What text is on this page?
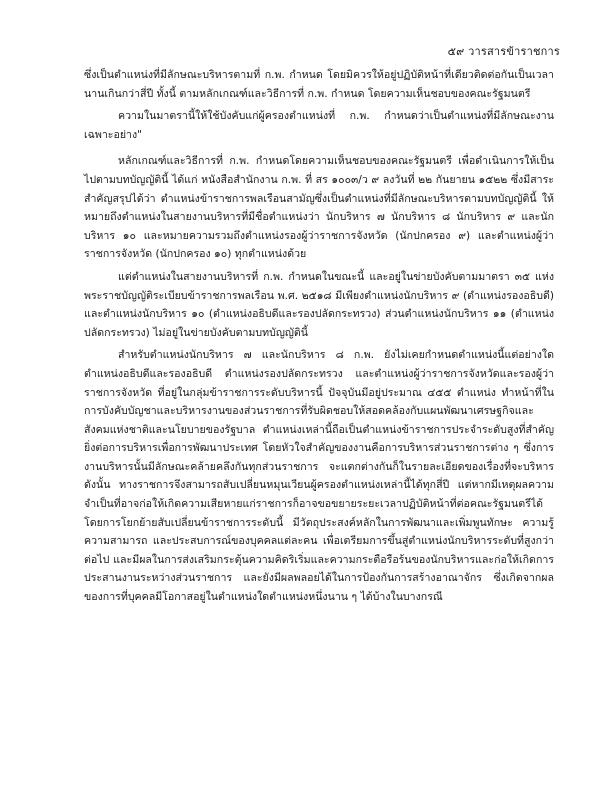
๕๙ วารสารข้าราชการ

ซึ่งเป็นตำแหน่งที่มีลักษณะบริหารตามที่ ก.พ. กำหนด โดยมิควรให้อยู่ปฏิบัติหน้าที่เดียวติดต่อกันเป็นเวลานานเกินกว่าสี่ปี ทั้งนี้ ตามหลักเกณฑ์และวิธีการที่ ก.พ. กำหนด โดยความเห็นชอบของคณะรัฐมนตรี

ความในมาตรานี้ให้ใช้บังคับแก่ผู้ครองตำแหน่งที่ ก.พ. กำหนดว่าเป็นตำแหน่งที่มีลักษณะงานเฉพาะอย่าง"

หลักเกณฑ์และวิธีการที่ ก.พ. กำหนดโดยความเห็นชอบของคณะรัฐมนตรี เพื่อดำเนินการให้เป็นไปตามบทบัญญัตินี้ ได้แก่ หนังสือสำนักงาน ก.พ. ที่ สร ๑๐๐๓/ว ๙ ลงวันที่ ๒๒ กันยายน ๑๕๒๒ ซึ่งมีสาระสำคัญสรุปได้ว่า ตำแหน่งข้าราชการพลเรือนสามัญซึ่งเป็นตำแหน่งที่มีลักษณะบริหารตามบทบัญญัตินี้ ให้หมายถึงตำแหน่งในสายงานบริหารที่มีชื่อตำแหน่งว่า นักบริหาร ๗ นักบริหาร ๘ นักบริหาร ๙ และนักบริหาร ๑๐ และหมายความรวมถึงตำแหน่งรองผู้ว่าราชการจังหวัด (นักปกครอง ๙) และตำแหน่งผู้ว่าราชการจังหวัด (นักปกครอง ๑๐) ทุกตำแหน่งด้วย

แต่ตำแหน่งในสายงานบริหารที่ ก.พ. กำหนดในขณะนี้ และอยู่ในข่ายบังคับตามมาตรา ๓๕ แห่งพระราชบัญญัติระเบียบข้าราชการพลเรือน พ.ศ. ๒๕๑๘ มีเพียงตำแหน่งนักบริหาร ๙ (ตำแหน่งรองอธิบดี) และตำแหน่งนักบริหาร ๑๐ (ตำแหน่งอธิบดีและรองปลัดกระทรวง) ส่วนตำแหน่งนักบริหาร ๑๑ (ตำแหน่งปลัดกระทรวง) ไม่อยู่ในข่ายบังคับตามบทบัญญัตินี้

สำหรับตำแหน่งนักบริหาร ๗ และนักบริหาร ๘ ก.พ. ยังไม่เคยกำหนดตำแหน่งนี้แต่อย่างใด ตำแหน่งอธิบดีและรองอธิบดี ตำแหน่งรองปลัดกระทรวง และตำแหน่งผู้ว่าราชการจังหวัดและรองผู้ว่าราชการจังหวัด ที่อยู่ในกลุ่มข้าราชการระดับบริหารนี้ ปัจจุบันมีอยู่ประมาณ ๔๕๕ ตำแหน่ง ทำหน้าที่ในการบังคับบัญชาและบริหารงานของส่วนราชการที่รับผิดชอบให้สอดคล้องกับแผนพัฒนาเศรษฐกิจและสังคมแห่งชาติและนโยบายของรัฐบาล ตำแหน่งเหล่านี้ถือเป็นตำแหน่งข้าราชการประจำระดับสูงที่สำคัญยิ่งต่อการบริหารเพื่อการพัฒนาประเทศ โดยหัวใจสำคัญของงานคือการบริหารส่วนราชการต่าง ๆ ซึ่งการงานบริหารนั้นมีลักษณะคล้ายคลึงกันทุกส่วนราชการ จะแตกต่างกันก็ในรายละเอียดของเรื่องที่จะบริหาร ดังนั้น ทางราชการจึงสามารถสับเปลี่ยนหมุนเวียนผู้ครองตำแหน่งเหล่านี้ได้ทุกสี่ปี แต่หากมีเหตุผลความจำเป็นที่อาจก่อให้เกิดความเสียหายแก่ราชการก็อาจขอขยายระยะเวลาปฏิบัติหน้าที่ต่อคณะรัฐมนตรีได้ โดยการโยกย้ายสับเปลี่ยนข้าราชการระดับนี้ มีวัตถุประสงค์หลักในการพัฒนาและเพิ่มพูนทักษะ ความรู้ความสามารถ และประสบการณ์ของบุคคลแต่ละคน เพื่อเตรียมการขึ้นสู่ตำแหน่งนักบริหารระดับที่สูงกว่าต่อไป และมีผลในการส่งเสริมกระตุ้นความคิดริเริ่มและความกระตือรือร้นของนักบริหารและก่อให้เกิดการประสานงานระหว่างส่วนราชการ และยังมีผลพลอยได้ในการป้องกันการสร้างอาณาจักร ซึ่งเกิดจากผลของการที่บุคคลมีโอกาสอยู่ในตำแหน่งใดตำแหน่งหนึ่งนาน ๆ ได้บ้างในบางกรณี
